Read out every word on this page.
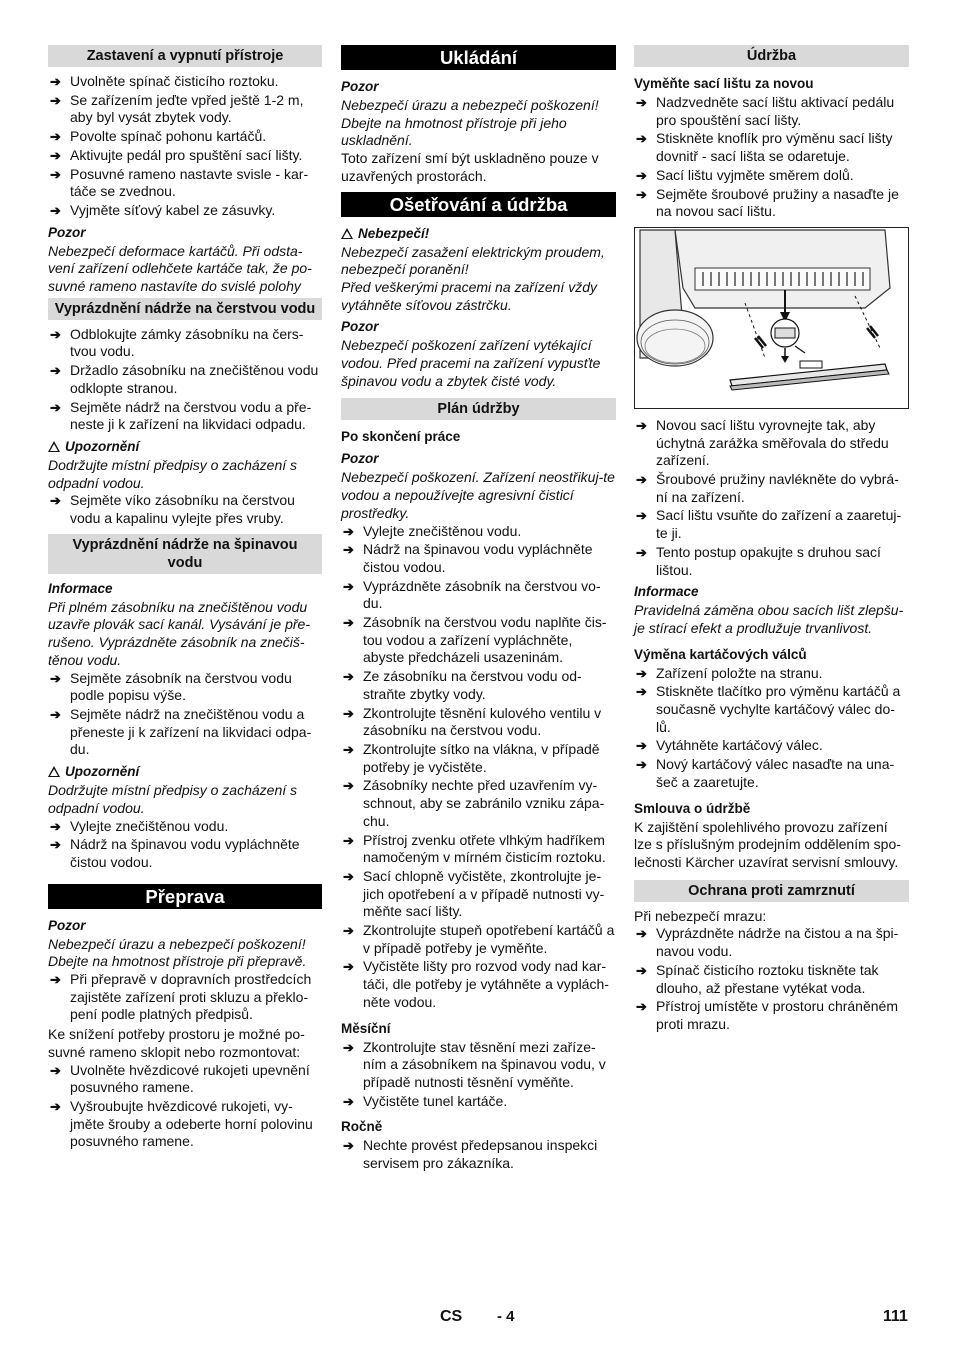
Zastavení a vypnutí přístroje
➔ Uvolněte spínač čisticího roztoku.
➔ Se zařízením jeďte vpřed ještě 1-2 m, aby byl vysát zbytek vody.
➔ Povolte spínač pohonu kartáčů.
➔ Aktivujte pedál pro spuštění sací lišty.
➔ Posuvné rameno nastavte svisle - kar-táče se zvednou.
➔ Vyjměte síťový kabel ze zásuvky.
Pozor

Nebezpečí deformace kartáčů. Při odsta-vení zařízení odlehčete kartáče tak, že po-suvné rameno nastavíte do svislé polohy

Vyprázdnění nádrže na čerstvou vodu
➔ Odblokujte zámky zásobníku na čers-tvou vodu.
➔ Držadlo zásobníku na znečištěnou vodu odklopte stranou.
➔ Sejměte nádrž na čerstvou vodu a pře-neste ji k zařízení na likvidaci odpadu.
Upozornění

Dodržujte místní předpisy o zacházení s odpadní vodou.

➔ Sejměte víko zásobníku na čerstvou vodu a kapalinu vylejte přes vruby.
Vyprázdnění nádrže na špinavou vodu
Informace

Při plném zásobníku na znečištěnou vodu uzavře plovák sací kanál. Vysávání je pře-rušeno. Vyprázdněte zásobník na znečiš-těnou vodu.

➔ Sejměte zásobník na čerstvou vodu podle popisu výše.
➔ Sejměte nádrž na znečištěnou vodu a přeneste ji k zařízení na likvidaci odpa-du.
Upozornění

Dodržujte místní předpisy o zacházení s odpadní vodou.

➔ Vylejte znečištěnou vodu.
➔ Nádrž na špinavou vodu vypláchněte čistou vodou.
Přeprava
Pozor

Nebezpečí úrazu a nebezpečí poškození! Dbejte na hmotnost přístroje při přepravě.

➔ Při přepravě v dopravních prostředcích zajistěte zařízení proti skluzu a překlo-pení podle platných předpisů.

Ke snížení potřeby prostoru je možné po-suvné rameno sklopit nebo rozmontovat:

➔ Uvolněte hvězdicové rukojeti upevnění posuvného ramene.
➔ Vyšroubujte hvězdicové rukojeti, vy-jměte šrouby a odeberte horní polovinu posuvného ramene.
Ukládání
Pozor

Nebezpečí úrazu a nebezpečí poškození! Dbejte na hmotnost přístroje při jeho uskladnění.

Toto zařízení smí být uskladněno pouze v uzavřených prostorách.

Ošetřování a údržba
Nebezpečí!

Nebezpečí zasažení elektrickým proudem, nebezpečí poranění!

Před veškerými pracemi na zařízení vždy vytáhněte síťovou zástrčku.

Pozor

Nebezpečí poškození zařízení vytékající vodou. Před pracemi na zařízení vypusťte špinavou vodu a zbytek čisté vody.

Plán údržby
Po skončení práce
Pozor

Nebezpečí poškození. Zařízení neostřikuj-te vodou a nepoužívejte agresivní čisticí prostředky.

➔ Vylejte znečištěnou vodu.
➔ Nádrž na špinavou vodu vypláchněte čistou vodou.
➔ Vyprázdněte zásobník na čerstvou vo-du.
➔ Zásobník na čerstvou vodu naplňte čis-tou vodou a zařízení vypláchněte, abyste předcházeli usazeninám.
➔ Ze zásobníku na čerstvou vodu od-straňte zbytky vody.
➔ Zkontrolujte těsnění kulového ventilu v zásobníku na čerstvou vodu.
➔ Zkontrolujte sítko na vlákna, v případě potřeby je vyčistěte.
➔ Zásobníky nechte před uzavřením vy-schnout, aby se zabránilo vzniku zápa-chu.
➔ Přístroj zvenku otřete vlhkým hadříkem namočeným v mírném čisticím roztoku.
➔ Sací chlopně vyčistěte, zkontrolujte je-jich opotřebení a v případě nutnosti vy-měňte sací lišty.
➔ Zkontrolujte stupeň opotřebení kartáčů a v případě potřeby je vyměňte.
➔ Vyčistěte lišty pro rozvod vody nad kar-táči, dle potřeby je vytáhněte a vyplách-něte vodou.
Měsíční
➔ Zkontrolujte stav těsnění mezi zaříze-ním a zásobníkem na špinavou vodu, v případě nutnosti těsnění vyměňte.
➔ Vyčistěte tunel kartáče.
Ročně
➔ Nechte provést předepsanou inspekci servisem pro zákazníka.
Údržba
Vyměňte sací lištu za novou
➔ Nadzvedněte sací lištu aktivací pedálu pro spouštění sací lišty.
➔ Stiskněte knoflík pro výměnu sací lišty dovnitř - sací lišta se odaretuje.
➔ Sací lištu vyjměte směrem dolů.
➔ Sejměte šroubové pružiny a nasaďte je na novou sací lištu.
➔ Novou sací lištu vyrovnejte tak, aby úchytná zarážka směřovala do středu zařízení.
➔ Šroubové pružiny navlékněte do vybrá-ní na zařízení.
➔ Sací lištu vsuňte do zařízení a zaaretuj-te ji.
➔ Tento postup opakujte s druhou sací lištou.
Informace

Pravidelná záměna obou sacích lišt zlepšu-je stírací efekt a prodlužuje trvanlivost.

Výměna kartáčových válců
➔ Zařízení položte na stranu.
➔ Stiskněte tlačítko pro výměnu kartáčů a současně vychylte kartáčový válec do-lů.
➔ Vytáhněte kartáčový válec.
➔ Nový kartáčový válec nasaďte na una-šeč a zaaretujte.
Smlouva o údržbě

K zajištění spolehlivého provozu zařízení lze s příslušným prodejním oddělením spo-lečnosti Kärcher uzavírat servisní smlouvy.

Ochrana proti zamrznutí

Při nebezpečí mrazu:

➔ Vyprázdněte nádrže na čistou a na špi-navou vodu.
➔ Spínač čisticího roztoku tiskněte tak dlouho, až přestane vytékat voda.
➔ Přístroj umístěte v prostoru chráněném proti mrazu.
CS - 4	111
